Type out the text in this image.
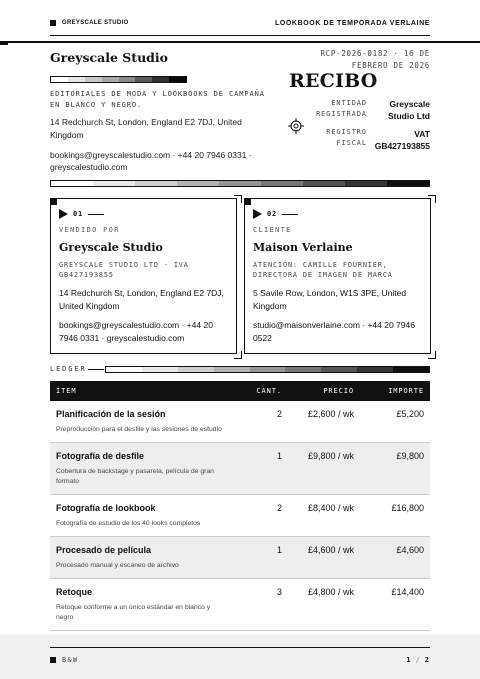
GREYSCALE STUDIO	LOOKBOOK DE TEMPORADA VERLAINE
Greyscale Studio
EDITORIALES DE MODA Y LOOKBOOKS DE CAMPAÑA EN BLANCO Y NEGRO.
14 Redchurch St, London, England E2 7DJ, United Kingdom
bookings@greyscalestudio.com · +44 20 7946 0331 · greyscalestudio.com
RCP-2026-0182 · 16 DE FEBRERO DE 2026
RECIBO
ENTIDAD REGISTRADA
Greyscale Studio Ltd
REGISTRO FISCAL
VAT GB427193855
01
VENDIDO POR
Greyscale Studio
GREYSCALE STUDIO LTD · IVA GB427193855
14 Redchurch St, London, England E2 7DJ, United Kingdom
bookings@greyscalestudio.com · +44 20 7946 0331 · greyscalestudio.com
02
CLIENTE
Maison Verlaine
ATENCIÓN: CAMILLE FOURNIER, DIRECTORA DE IMAGEN DE MARCA
5 Savile Row, London, W1S 3PE, United Kingdom
studio@maisonverlaine.com · +44 20 7946 0522
LEDGER
ÍTEM	CANT.	PRECIO	IMPORTE
Planificación de la sesión
Preproducción para el desfile y las sesiones de estudio
2	£2,600 / wk	£5,200
Fotografía de desfile
Cobertura de backstage y pasarela, película de gran formato
1	£9,800 / wk	£9,800
Fotografía de lookbook
Fotografía de estudio de los 40 looks completos
2	£8,400 / wk	£16,800
Procesado de película
Procesado manual y escaneo de archivo
1	£4,600 / wk	£4,600
Retoque
Retoque conforme a un único estándar en blanco y negro
3	£4,800 / wk	£14,400
B&W	1 / 2
